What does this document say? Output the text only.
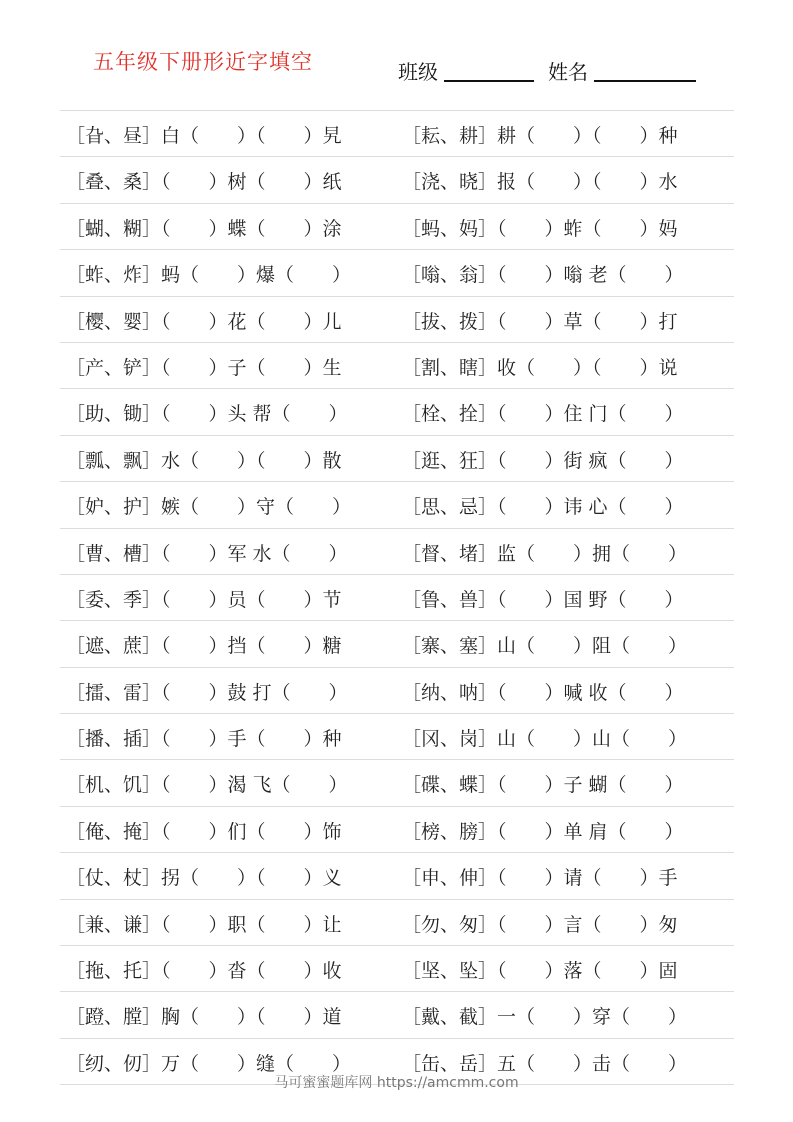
五年级下册形近字填空	班级	姓名
［旮、昼］白（　　）（　　）旯	［耘、耕］耕（　　）（　　）种
［叠、桑］（　　）树（　　）纸	［浇、晓］报（　　）（　　）水
［蝴、糊］（　　）蝶（　　）涂	［蚂、妈］（　　）蚱（　　）妈
［蚱、炸］蚂（　　）爆（　　）	［嗡、翁］（　　）嗡 老（　　）
［樱、婴］（　　）花（　　）儿	［拔、拨］（　　）草（　　）打
［产、铲］（　　）子（　　）生	［割、瞎］收（　　）（　　）说
［助、锄］（　　）头 帮（　　）	［栓、拴］（　　）住 门（　　）
［瓢、飘］水（　　）（　　）散	［逛、狂］（　　）街 疯（　　）
［妒、护］嫉（　　）守（　　）	［思、忌］（　　）讳 心（　　）
［曹、槽］（　　）军 水（　　）	［督、堵］监（　　）拥（　　）
［委、季］（　　）员（　　）节	［鲁、兽］（　　）国 野（　　）
［遮、蔗］（　　）挡（　　）糖	［寨、塞］山（　　）阻（　　）
［擂、雷］（　　）鼓 打（　　）	［纳、呐］（　　）喊 收（　　）
［播、插］（　　）手（　　）种	［冈、岗］山（　　）山（　　）
［机、饥］（　　）渴 飞（　　）	［碟、蝶］（　　）子 蝴（　　）
［俺、掩］（　　）们（　　）饰	［榜、膀］（　　）单 肩（　　）
［仗、杖］拐（　　）（　　）义	［申、伸］（　　）请（　　）手
［兼、谦］（　　）职（　　）让	［勿、匆］（　　）言（　　）匆
［拖、托］（　　）沓（　　）收	［坚、坠］（　　）落（　　）固
［蹬、膛］胸（　　）（　　）道	［戴、截］一（　　）穿（　　）
［纫、仞］万（　　）缝（　　）	［缶、岳］五（　　）击（　　）
马可蜜蜜题库网 https://amcmm.com
